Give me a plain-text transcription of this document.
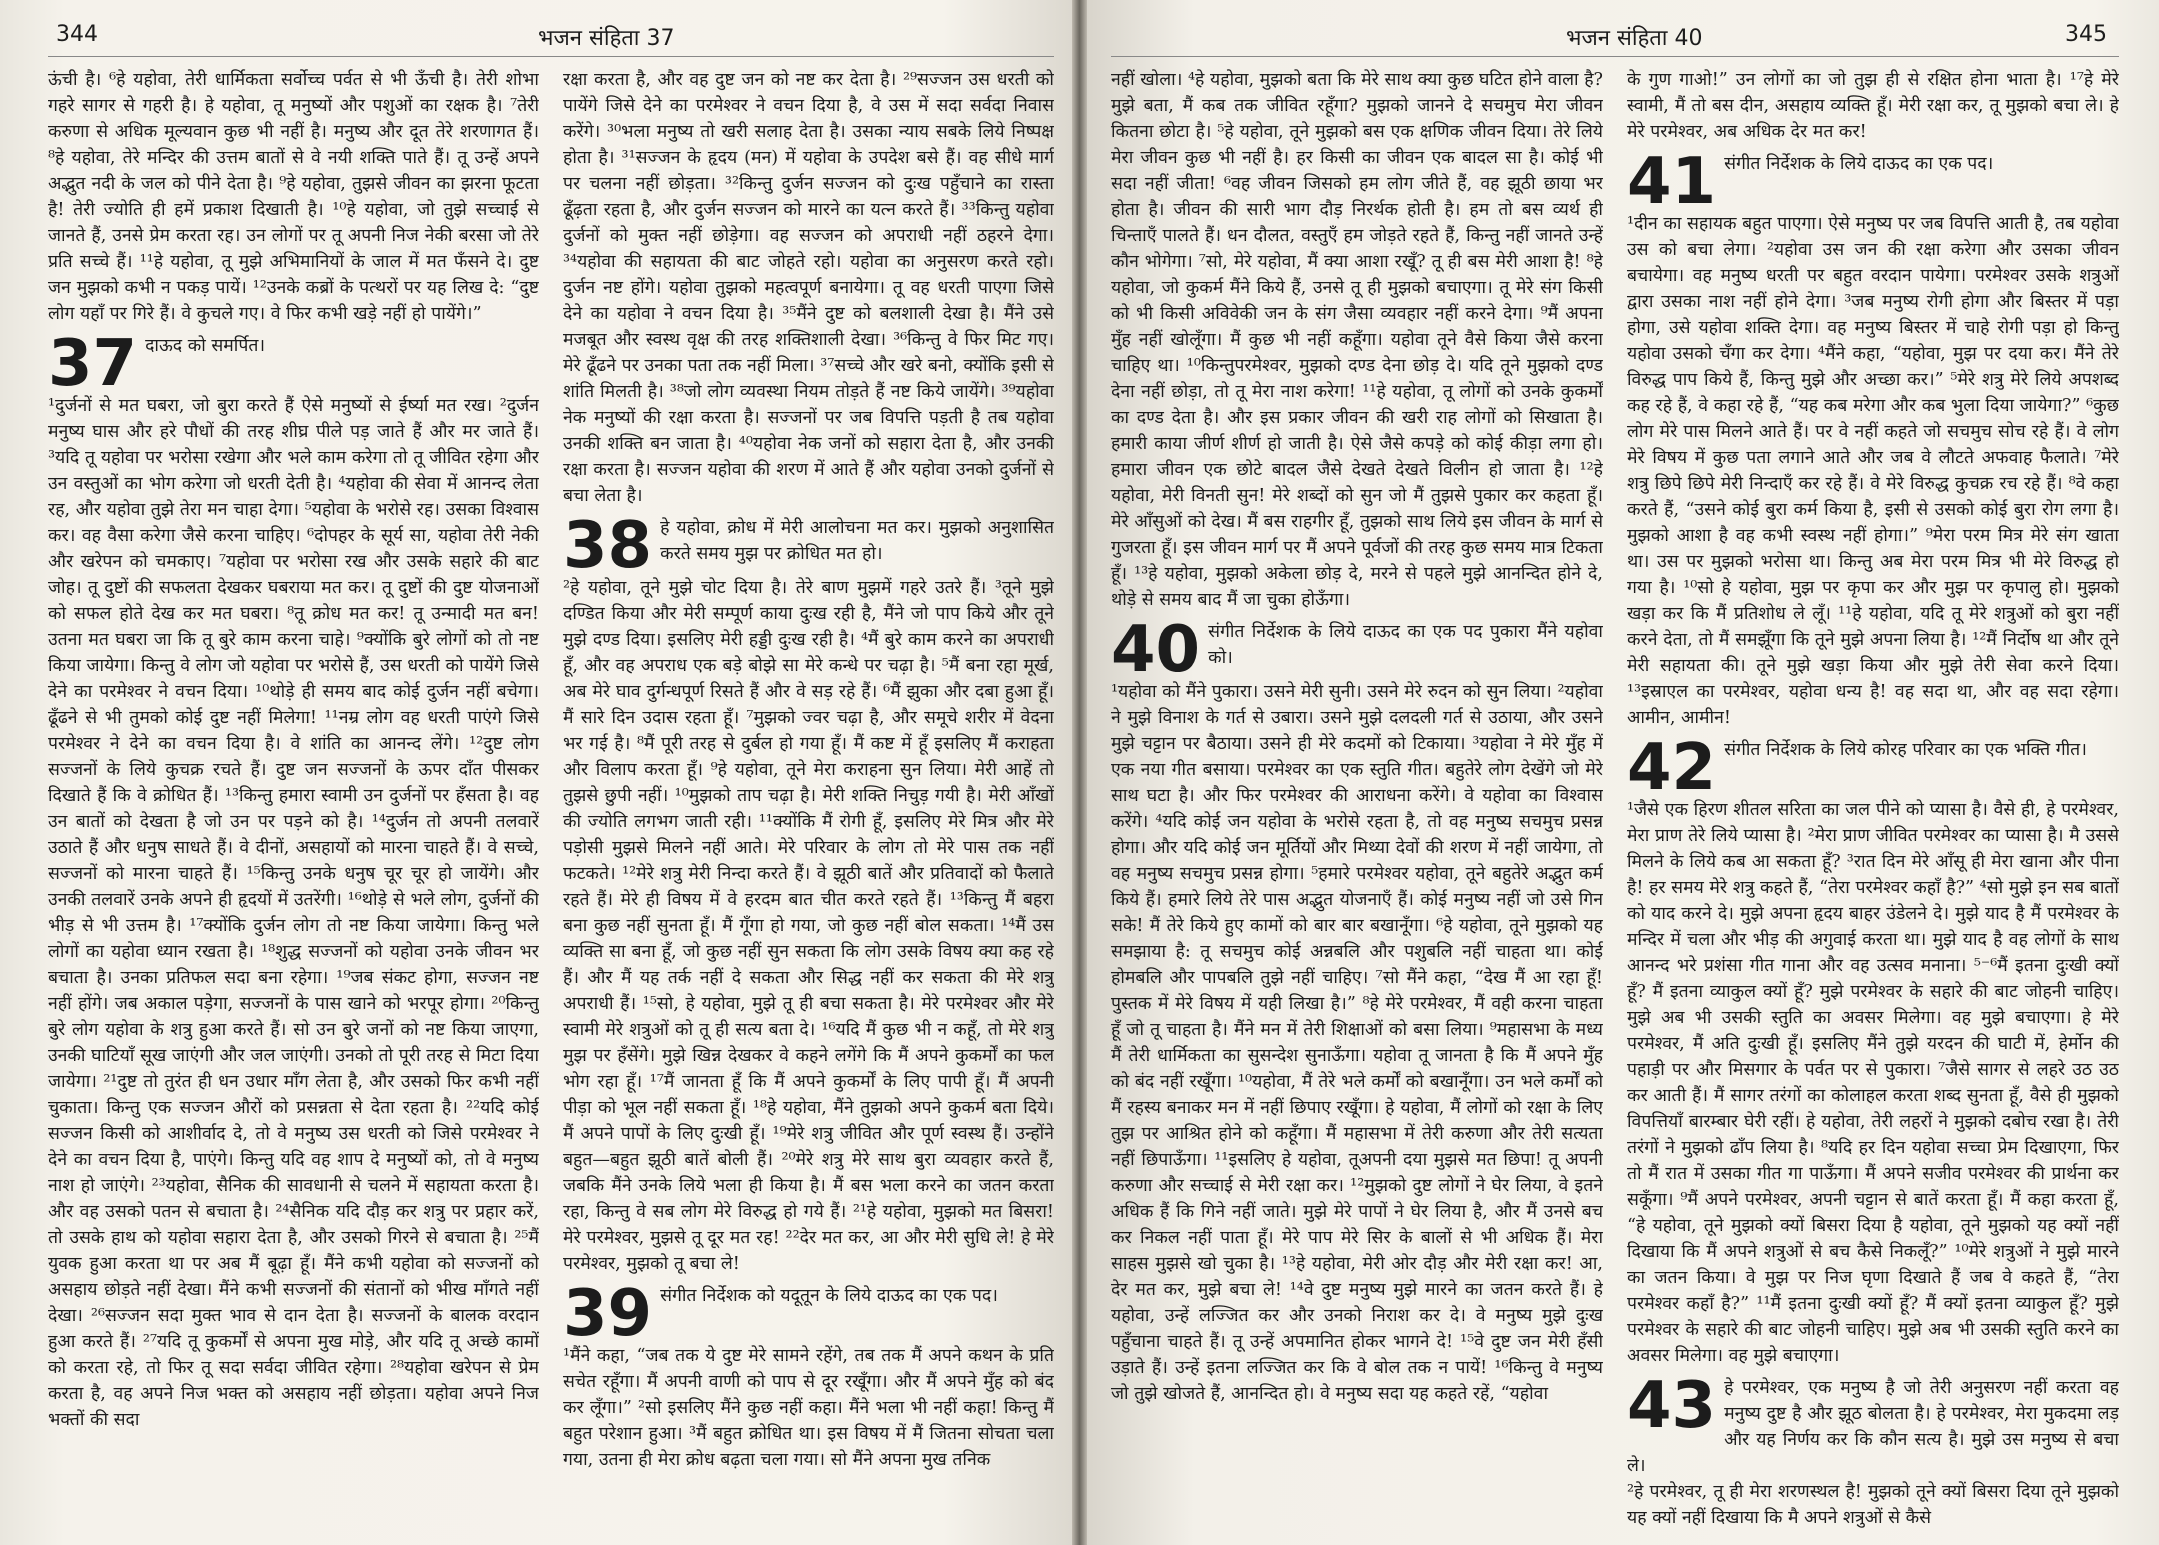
344	भजन संहिता 37

ऊंची है। ⁶हे यहोवा, तेरी धार्मिकता सर्वोच्च पर्वत से भी ऊँची है। तेरी शोभा गहरे सागर से गहरी है। हे यहोवा, तू मनुष्यों और पशुओं का रक्षक है। ⁷तेरी करुणा से अधिक मूल्यवान कुछ भी नहीं है। मनुष्य और दूत तेरे शरणागत हैं। ⁸हे यहोवा, तेरे मन्दिर की उत्तम बातों से वे नयी शक्ति पाते हैं। तू उन्हें अपने अद्भुत नदी के जल को पीने देता है। ⁹हे यहोवा, तुझसे जीवन का झरना फूटता है! तेरी ज्योति ही हमें प्रकाश दिखाती है। ¹⁰हे यहोवा, जो तुझे सच्चाई से जानते हैं, उनसे प्रेम करता रह। उन लोगों पर तू अपनी निज नेकी बरसा जो तेरे प्रति सच्चे हैं। ¹¹हे यहोवा, तू मुझे अभिमानियों के जाल में मत फँसने दे। दुष्ट जन मुझको कभी न पकड़ पायें। ¹²उनके कब्रों के पत्थरों पर यह लिख दे: “दुष्ट लोग यहाँ पर गिरे हैं। वे कुचले गए। वे फिर कभी खड़े नहीं हो पायेंगे।”

37 दाऊद को समर्पित।

¹दुर्जनों से मत घबरा, जो बुरा करते हैं ऐसे मनुष्यों से ईर्ष्या मत रख। ²दुर्जन मनुष्य घास और हरे पौधों की तरह शीघ्र पीले पड़ जाते हैं और मर जाते हैं। ³यदि तू यहोवा पर भरोसा रखेगा और भले काम करेगा तो तू जीवित रहेगा और उन वस्तुओं का भोग करेगा जो धरती देती है। ⁴यहोवा की सेवा में आनन्द लेता रह, और यहोवा तुझे तेरा मन चाहा देगा। ⁵यहोवा के भरोसे रह। उसका विश्वास कर। वह वैसा करेगा जैसे करना चाहिए। ⁶दोपहर के सूर्य सा, यहोवा तेरी नेकी और खरेपन को चमकाए। ⁷यहोवा पर भरोसा रख और उसके सहारे की बाट जोह। तू दुष्टों की सफलता देखकर घबराया मत कर। तू दुष्टों की दुष्ट योजनाओं को सफल होते देख कर मत घबरा। ⁸तू क्रोध मत कर! तू उन्मादी मत बन! उतना मत घबरा जा कि तू बुरे काम करना चाहे। ⁹क्योंकि बुरे लोगों को तो नष्ट किया जायेगा। किन्तु वे लोग जो यहोवा पर भरोसे हैं, उस धरती को पायेंगे जिसे देने का परमेश्वर ने वचन दिया। ¹⁰थोड़े ही समय बाद कोई दुर्जन नहीं बचेगा। ढूँढने से भी तुमको कोई दुष्ट नहीं मिलेगा! ¹¹नम्र लोग वह धरती पाएंगे जिसे परमेश्वर ने देने का वचन दिया है। वे शांति का आनन्द लेंगे। ¹²दुष्ट लोग सज्जनों के लिये कुचक्र रचते हैं। दुष्ट जन सज्जनों के ऊपर दाँत पीसकर दिखाते हैं कि वे क्रोधित हैं। ¹³किन्तु हमारा स्वामी उन दुर्जनों पर हँसता है। वह उन बातों को देखता है जो उन पर पड़ने को है। ¹⁴दुर्जन तो अपनी तलवारें उठाते हैं और धनुष साधते हैं। वे दीनों, असहायों को मारना चाहते हैं। वे सच्चे, सज्जनों को मारना चाहते हैं। ¹⁵किन्तु उनके धनुष चूर चूर हो जायेंगे। और उनकी तलवारें उनके अपने ही हृदयों में उतरेंगी। ¹⁶थोड़े से भले लोग, दुर्जनों की भीड़ से भी उत्तम है। ¹⁷क्योंकि दुर्जन लोग तो नष्ट किया जायेगा। किन्तु भले लोगों का यहोवा ध्यान रखता है। ¹⁸शुद्ध सज्जनों को यहोवा उनके जीवन भर बचाता है। उनका प्रतिफल सदा बना रहेगा। ¹⁹जब संकट होगा, सज्जन नष्ट नहीं होंगे। जब अकाल पड़ेगा, सज्जनों के पास खाने को भरपूर होगा। ²⁰किन्तु बुरे लोग यहोवा के शत्रु हुआ करते हैं। सो उन बुरे जनों को नष्ट किया जाएगा, उनकी घाटियाँ सूख जाएंगी और जल जाएंगी। उनको तो पूरी तरह से मिटा दिया जायेगा। ²¹दुष्ट तो तुरंत ही धन उधार माँग लेता है, और उसको फिर कभी नहीं चुकाता। किन्तु एक सज्जन औरों को प्रसन्नता से देता रहता है। ²²यदि कोई सज्जन किसी को आशीर्वाद दे, तो वे मनुष्य उस धरती को जिसे परमेश्वर ने देने का वचन दिया है, पाएंगे। किन्तु यदि वह शाप दे मनुष्यों को, तो वे मनुष्य नाश हो जाएंगे। ²³यहोवा, सैनिक की सावधानी से चलने में सहायता करता है। और वह उसको पतन से बचाता है। ²⁴सैनिक यदि दौड़ कर शत्रु पर प्रहार करें, तो उसके हाथ को यहोवा सहारा देता है, और उसको गिरने से बचाता है। ²⁵मैं युवक हुआ करता था पर अब मैं बूढ़ा हूँ। मैंने कभी यहोवा को सज्जनों को असहाय छोड़ते नहीं देखा। मैंने कभी सज्जनों की संतानों को भीख माँगते नहीं देखा। ²⁶सज्जन सदा मुक्त भाव से दान देता है। सज्जनों के बालक वरदान हुआ करते हैं। ²⁷यदि तू कुकर्मों से अपना मुख मोड़े, और यदि तू अच्छे कामों को करता रहे, तो फिर तू सदा सर्वदा जीवित रहेगा। ²⁸यहोवा खरेपन से प्रेम करता है, वह अपने निज भक्त को असहाय नहीं छोड़ता। यहोवा अपने निज भक्तों की सदा

रक्षा करता है, और वह दुष्ट जन को नष्ट कर देता है। ²⁹सज्जन उस धरती को पायेंगे जिसे देने का परमेश्वर ने वचन दिया है, वे उस में सदा सर्वदा निवास करेंगे। ³⁰भला मनुष्य तो खरी सलाह देता है। उसका न्याय सबके लिये निष्पक्ष होता है। ³¹सज्जन के हृदय (मन) में यहोवा के उपदेश बसे हैं। वह सीधे मार्ग पर चलना नहीं छोड़ता। ³²किन्तु दुर्जन सज्जन को दुःख पहुँचाने का रास्ता ढूँढ़ता रहता है, और दुर्जन सज्जन को मारने का यत्न करते हैं। ³³किन्तु यहोवा दुर्जनों को मुक्त नहीं छोड़ेगा। वह सज्जन को अपराधी नहीं ठहरने देगा। ³⁴यहोवा की सहायता की बाट जोहते रहो। यहोवा का अनुसरण करते रहो। दुर्जन नष्ट होंगे। यहोवा तुझको महत्वपूर्ण बनायेगा। तू वह धरती पाएगा जिसे देने का यहोवा ने वचन दिया है। ³⁵मैंने दुष्ट को बलशाली देखा है। मैंने उसे मजबूत और स्वस्थ वृक्ष की तरह शक्तिशाली देखा। ³⁶किन्तु वे फिर मिट गए। मेरे ढूँढने पर उनका पता तक नहीं मिला। ³⁷सच्चे और खरे बनो, क्योंकि इसी से शांति मिलती है। ³⁸जो लोग व्यवस्था नियम तोड़ते हैं नष्ट किये जायेंगे। ³⁹यहोवा नेक मनुष्यों की रक्षा करता है। सज्जनों पर जब विपत्ति पड़ती है तब यहोवा उनकी शक्ति बन जाता है। ⁴⁰यहोवा नेक जनों को सहारा देता है, और उनकी रक्षा करता है। सज्जन यहोवा की शरण में आते हैं और यहोवा उनको दुर्जनों से बचा लेता है।

38 हे यहोवा, क्रोध में मेरी आलोचना मत कर। मुझको अनुशासित करते समय मुझ पर क्रोधित मत हो।

²हे यहोवा, तूने मुझे चोट दिया है। तेरे बाण मुझमें गहरे उतरे हैं। ³तूने मुझे दण्डित किया और मेरी सम्पूर्ण काया दुःख रही है, मैंने जो पाप किये और तूने मुझे दण्ड दिया। इसलिए मेरी हड्डी दुःख रही है। ⁴मैं बुरे काम करने का अपराधी हूँ, और वह अपराध एक बड़े बोझे सा मेरे कन्धे पर चढ़ा है। ⁵मैं बना रहा मूर्ख, अब मेरे घाव दुर्गन्धपूर्ण रिसते हैं और वे सड़ रहे हैं। ⁶मैं झुका और दबा हुआ हूँ। मैं सारे दिन उदास रहता हूँ। ⁷मुझको ज्वर चढ़ा है, और समूचे शरीर में वेदना भर गई है। ⁸मैं पूरी तरह से दुर्बल हो गया हूँ। मैं कष्ट में हूँ इसलिए मैं कराहता और विलाप करता हूँ। ⁹हे यहोवा, तूने मेरा कराहना सुन लिया। मेरी आहें तो तुझसे छुपी नहीं। ¹⁰मुझको ताप चढ़ा है। मेरी शक्ति निचुड़ गयी है। मेरी आँखों की ज्योति लगभग जाती रही। ¹¹क्योंकि मैं रोगी हूँ, इसलिए मेरे मित्र और मेरे पड़ोसी मुझसे मिलने नहीं आते। मेरे परिवार के लोग तो मेरे पास तक नहीं फटकते। ¹²मेरे शत्रु मेरी निन्दा करते हैं। वे झूठी बातें और प्रतिवादों को फैलाते रहते हैं। मेरे ही विषय में वे हरदम बात चीत करते रहते हैं। ¹³किन्तु मैं बहरा बना कुछ नहीं सुनता हूँ। मैं गूँगा हो गया, जो कुछ नहीं बोल सकता। ¹⁴मैं उस व्यक्ति सा बना हूँ, जो कुछ नहीं सुन सकता कि लोग उसके विषय क्या कह रहे हैं। और मैं यह तर्क नहीं दे सकता और सिद्ध नहीं कर सकता की मेरे शत्रु अपराधी हैं। ¹⁵सो, हे यहोवा, मुझे तू ही बचा सकता है। मेरे परमेश्वर और मेरे स्वामी मेरे शत्रुओं को तू ही सत्य बता दे। ¹⁶यदि मैं कुछ भी न कहूँ, तो मेरे शत्रु मुझ पर हँसेंगे। मुझे खिन्न देखकर वे कहने लगेंगे कि मैं अपने कुकर्मों का फल भोग रहा हूँ। ¹⁷मैं जानता हूँ कि मैं अपने कुकर्मों के लिए पापी हूँ। मैं अपनी पीड़ा को भूल नहीं सकता हूँ। ¹⁸हे यहोवा, मैंने तुझको अपने कुकर्म बता दिये। मैं अपने पापों के लिए दुःखी हूँ। ¹⁹मेरे शत्रु जीवित और पूर्ण स्वस्थ हैं। उन्होंने बहुत—बहुत झूठी बातें बोली हैं। ²⁰मेरे शत्रु मेरे साथ बुरा व्यवहार करते हैं, जबकि मैंने उनके लिये भला ही किया है। मैं बस भला करने का जतन करता रहा, किन्तु वे सब लोग मेरे विरुद्ध हो गये हैं। ²¹हे यहोवा, मुझको मत बिसरा! मेरे परमेश्वर, मुझसे तू दूर मत रह! ²²देर मत कर, आ और मेरी सुधि ले! हे मेरे परमेश्वर, मुझको तू बचा ले!

39 संगीत निर्देशक को यदूतून के लिये दाऊद का एक पद।

¹मैंने कहा, “जब तक ये दुष्ट मेरे सामने रहेंगे, तब तक मैं अपने कथन के प्रति सचेत रहूँगा। मैं अपनी वाणी को पाप से दूर रखूँगा। और मैं अपने मुँह को बंद कर लूँगा।” ²सो इसलिए मैंने कुछ नहीं कहा। मैंने भला भी नहीं कहा! किन्तु मैं बहुत परेशान हुआ। ³मैं बहुत क्रोधित था। इस विषय में मैं जितना सोचता चला गया, उतना ही मेरा क्रोध बढ़ता चला गया। सो मैंने अपना मुख तनिक

भजन संहिता 40	345

नहीं खोला। ⁴हे यहोवा, मुझको बता कि मेरे साथ क्या कुछ घटित होने वाला है? मुझे बता, मैं कब तक जीवित रहूँगा? मुझको जानने दे सचमुच मेरा जीवन कितना छोटा है। ⁵हे यहोवा, तूने मुझको बस एक क्षणिक जीवन दिया। तेरे लिये मेरा जीवन कुछ भी नहीं है। हर किसी का जीवन एक बादल सा है। कोई भी सदा नहीं जीता! ⁶वह जीवन जिसको हम लोग जीते हैं, वह झूठी छाया भर होता है। जीवन की सारी भाग दौड़ निरर्थक होती है। हम तो बस व्यर्थ ही चिन्ताएँ पालते हैं। धन दौलत, वस्तुएँ हम जोड़ते रहते हैं, किन्तु नहीं जानते उन्हें कौन भोगेगा। ⁷सो, मेरे यहोवा, मैं क्या आशा रखूँ? तू ही बस मेरी आशा है! ⁸हे यहोवा, जो कुकर्म मैंने किये हैं, उनसे तू ही मुझको बचाएगा। तू मेरे संग किसी को भी किसी अविवेकी जन के संग जैसा व्यवहार नहीं करने देगा। ⁹मैं अपना मुँह नहीं खोलूँगा। मैं कुछ भी नहीं कहूँगा। यहोवा तूने वैसे किया जैसे करना चाहिए था। ¹⁰किन्तुपरमेश्वर, मुझको दण्ड देना छोड़ दे। यदि तूने मुझको दण्ड देना नहीं छोड़ा, तो तू मेरा नाश करेगा! ¹¹हे यहोवा, तू लोगों को उनके कुकर्मों का दण्ड देता है। और इस प्रकार जीवन की खरी राह लोगों को सिखाता है। हमारी काया जीर्ण शीर्ण हो जाती है। ऐसे जैसे कपड़े को कोई कीड़ा लगा हो। हमारा जीवन एक छोटे बादल जैसे देखते देखते विलीन हो जाता है। ¹²हे यहोवा, मेरी विनती सुन! मेरे शब्दों को सुन जो मैं तुझसे पुकार कर कहता हूँ। मेरे आँसुओं को देख। मैं बस राहगीर हूँ, तुझको साथ लिये इस जीवन के मार्ग से गुजरता हूँ। इस जीवन मार्ग पर मैं अपने पूर्वजों की तरह कुछ समय मात्र टिकता हूँ। ¹³हे यहोवा, मुझको अकेला छोड़ दे, मरने से पहले मुझे आनन्दित होने दे, थोड़े से समय बाद मैं जा चुका होऊँगा।

40 संगीत निर्देशक के लिये दाऊद का एक पद पुकारा मैंने यहोवा को।

¹यहोवा को मैंने पुकारा। उसने मेरी सुनी। उसने मेरे रुदन को सुन लिया। ²यहोवा ने मुझे विनाश के गर्त से उबारा। उसने मुझे दलदली गर्त से उठाया, और उसने मुझे चट्टान पर बैठाया। उसने ही मेरे कदमों को टिकाया। ³यहोवा ने मेरे मुँह में एक नया गीत बसाया। परमेश्वर का एक स्तुति गीत। बहुतेरे लोग देखेंगे जो मेरे साथ घटा है। और फिर परमेश्वर की आराधना करेंगे। वे यहोवा का विश्वास करेंगे। ⁴यदि कोई जन यहोवा के भरोसे रहता है, तो वह मनुष्य सचमुच प्रसन्न होगा। और यदि कोई जन मूर्तियों और मिथ्या देवों की शरण में नहीं जायेगा, तो वह मनुष्य सचमुच प्रसन्न होगा। ⁵हमारे परमेश्वर यहोवा, तूने बहुतेरे अद्भुत कर्म किये हैं। हमारे लिये तेरे पास अद्भुत योजनाएँ हैं। कोई मनुष्य नहीं जो उसे गिन सके! मैं तेरे किये हुए कामों को बार बार बखानूँगा। ⁶हे यहोवा, तूने मुझको यह समझाया है: तू सचमुच कोई अन्नबलि और पशुबलि नहीं चाहता था। कोई होमबलि और पापबलि तुझे नहीं चाहिए। ⁷सो मैंने कहा, “देख मैं आ रहा हूँ! पुस्तक में मेरे विषय में यही लिखा है।” ⁸हे मेरे परमेश्वर, मैं वही करना चाहता हूँ जो तू चाहता है। मैंने मन में तेरी शिक्षाओं को बसा लिया। ⁹महासभा के मध्य मैं तेरी धार्मिकता का सुसन्देश सुनाऊँगा। यहोवा तू जानता है कि मैं अपने मुँह को बंद नहीं रखूँगा। ¹⁰यहोवा, मैं तेरे भले कर्मों को बखानूँगा। उन भले कर्मों को मैं रहस्य बनाकर मन में नहीं छिपाए रखूँगा। हे यहोवा, मैं लोगों को रक्षा के लिए तुझ पर आश्रित होने को कहूँगा। मैं महासभा में तेरी करुणा और तेरी सत्यता नहीं छिपाऊँगा। ¹¹इसलिए हे यहोवा, तूअपनी दया मुझसे मत छिपा! तू अपनी करुणा और सच्चाई से मेरी रक्षा कर। ¹²मुझको दुष्ट लोगों ने घेर लिया, वे इतने अधिक हैं कि गिने नहीं जाते। मुझे मेरे पापों ने घेर लिया है, और मैं उनसे बच कर निकल नहीं पाता हूँ। मेरे पाप मेरे सिर के बालों से भी अधिक हैं। मेरा साहस मुझसे खो चुका है। ¹³हे यहोवा, मेरी ओर दौड़ और मेरी रक्षा कर! आ, देर मत कर, मुझे बचा ले! ¹⁴वे दुष्ट मनुष्य मुझे मारने का जतन करते हैं। हे यहोवा, उन्हें लज्जित कर और उनको निराश कर दे। वे मनुष्य मुझे दुःख पहुँचाना चाहते हैं। तू उन्हें अपमानित होकर भागने दे! ¹⁵वे दुष्ट जन मेरी हँसी उड़ाते हैं। उन्हें इतना लज्जित कर कि वे बोल तक न पायें! ¹⁶किन्तु वे मनुष्य जो तुझे खोजते हैं, आनन्दित हो। वे मनुष्य सदा यह कहते रहें, “यहोवा

के गुण गाओ!” उन लोगों का जो तुझ ही से रक्षित होना भाता है। ¹⁷हे मेरे स्वामी, मैं तो बस दीन, असहाय व्यक्ति हूँ। मेरी रक्षा कर, तू मुझको बचा ले। हे मेरे परमेश्वर, अब अधिक देर मत कर!

41 संगीत निर्देशक के लिये दाऊद का एक पद।

¹दीन का सहायक बहुत पाएगा। ऐसे मनुष्य पर जब विपत्ति आती है, तब यहोवा उस को बचा लेगा। ²यहोवा उस जन की रक्षा करेगा और उसका जीवन बचायेगा। वह मनुष्य धरती पर बहुत वरदान पायेगा। परमेश्वर उसके शत्रुओं द्वारा उसका नाश नहीं होने देगा। ³जब मनुष्य रोगी होगा और बिस्तर में पड़ा होगा, उसे यहोवा शक्ति देगा। वह मनुष्य बिस्तर में चाहे रोगी पड़ा हो किन्तु यहोवा उसको चँगा कर देगा। ⁴मैंने कहा, “यहोवा, मुझ पर दया कर। मैंने तेरे विरुद्ध पाप किये हैं, किन्तु मुझे और अच्छा कर।” ⁵मेरे शत्रु मेरे लिये अपशब्द कह रहे हैं, वे कहा रहे हैं, “यह कब मरेगा और कब भुला दिया जायेगा?” ⁶कुछ लोग मेरे पास मिलने आते हैं। पर वे नहीं कहते जो सचमुच सोच रहे हैं। वे लोग मेरे विषय में कुछ पता लगाने आते और जब वे लौटते अफवाह फैलाते। ⁷मेरे शत्रु छिपे छिपे मेरी निन्दाएँ कर रहे हैं। वे मेरे विरुद्ध कुचक्र रच रहे हैं। ⁸वे कहा करते हैं, “उसने कोई बुरा कर्म किया है, इसी से उसको कोई बुरा रोग लगा है। मुझको आशा है वह कभी स्वस्थ नहीं होगा।” ⁹मेरा परम मित्र मेरे संग खाता था। उस पर मुझको भरोसा था। किन्तु अब मेरा परम मित्र भी मेरे विरुद्ध हो गया है। ¹⁰सो हे यहोवा, मुझ पर कृपा कर और मुझ पर कृपालु हो। मुझको खड़ा कर कि मैं प्रतिशोध ले लूँ। ¹¹हे यहोवा, यदि तू मेरे शत्रुओं को बुरा नहीं करने देता, तो मैं समझूँगा कि तूने मुझे अपना लिया है। ¹²मैं निर्दोष था और तूने मेरी सहायता की। तूने मुझे खड़ा किया और मुझे तेरी सेवा करने दिया। ¹³इस्राएल का परमेश्वर, यहोवा धन्य है! वह सदा था, और वह सदा रहेगा। आमीन, आमीन!

42 संगीत निर्देशक के लिये कोरह परिवार का एक भक्ति गीत।

¹जैसे एक हिरण शीतल सरिता का जल पीने को प्यासा है। वैसे ही, हे परमेश्वर, मेरा प्राण तेरे लिये प्यासा है। ²मेरा प्राण जीवित परमेश्वर का प्यासा है। मै उससे मिलने के लिये कब आ सकता हूँ? ³रात दिन मेरे आँसू ही मेरा खाना और पीना है! हर समय मेरे शत्रु कहते हैं, “तेरा परमेश्वर कहाँ है?” ⁴सो मुझे इन सब बातों को याद करने दे। मुझे अपना हृदय बाहर उंडेलने दे। मुझे याद है मैं परमेश्वर के मन्दिर में चला और भीड़ की अगुवाई करता था। मुझे याद है वह लोगों के साथ आनन्द भरे प्रशंसा गीत गाना और वह उत्सव मनाना। ⁵⁻⁶मैं इतना दुःखी क्यों हूँ? मैं इतना व्याकुल क्यों हूँ? मुझे परमेश्वर के सहारे की बाट जोहनी चाहिए। मुझे अब भी उसकी स्तुति का अवसर मिलेगा। वह मुझे बचाएगा। हे मेरे परमेश्वर, मैं अति दुःखी हूँ। इसलिए मैंने तुझे यरदन की घाटी में, हेर्मोन की पहाड़ी पर और मिसगार के पर्वत पर से पुकारा। ⁷जैसे सागर से लहरे उठ उठ कर आती हैं। मैं सागर तरंगों का कोलाहल करता शब्द सुनता हूँ, वैसे ही मुझको विपत्तियाँ बारम्बार घेरी रहीं। हे यहोवा, तेरी लहरों ने मुझको दबोच रखा है। तेरी तरंगों ने मुझको ढाँप लिया है। ⁸यदि हर दिन यहोवा सच्चा प्रेम दिखाएगा, फिर तो मैं रात में उसका गीत गा पाऊँगा। मैं अपने सजीव परमेश्वर की प्रार्थना कर सकूँगा। ⁹मैं अपने परमेश्वर, अपनी चट्टान से बातें करता हूँ। मैं कहा करता हूँ, “हे यहोवा, तूने मुझको क्यों बिसरा दिया है यहोवा, तूने मुझको यह क्यों नहीं दिखाया कि मैं अपने शत्रुओं से बच कैसे निकलूँ?” ¹⁰मेरे शत्रुओं ने मुझे मारने का जतन किया। वे मुझ पर निज घृणा दिखाते हैं जब वे कहते हैं, “तेरा परमेश्वर कहाँ है?” ¹¹मैं इतना दुःखी क्यों हूँ? मैं क्यों इतना व्याकुल हूँ? मुझे परमेश्वर के सहारे की बाट जोहनी चाहिए। मुझे अब भी उसकी स्तुति करने का अवसर मिलेगा। वह मुझे बचाएगा।

43 हे परमेश्वर, एक मनुष्य है जो तेरी अनुसरण नहीं करता वह मनुष्य दुष्ट है और झूठ बोलता है। हे परमेश्वर, मेरा मुकदमा लड़ और यह निर्णय कर कि कौन सत्य है। मुझे उस मनुष्य से बचा ले।

²हे परमेश्वर, तू ही मेरा शरणस्थल है! मुझको तूने क्यों बिसरा दिया तूने मुझको यह क्यों नहीं दिखाया कि मै अपने शत्रुओं से कैसे
